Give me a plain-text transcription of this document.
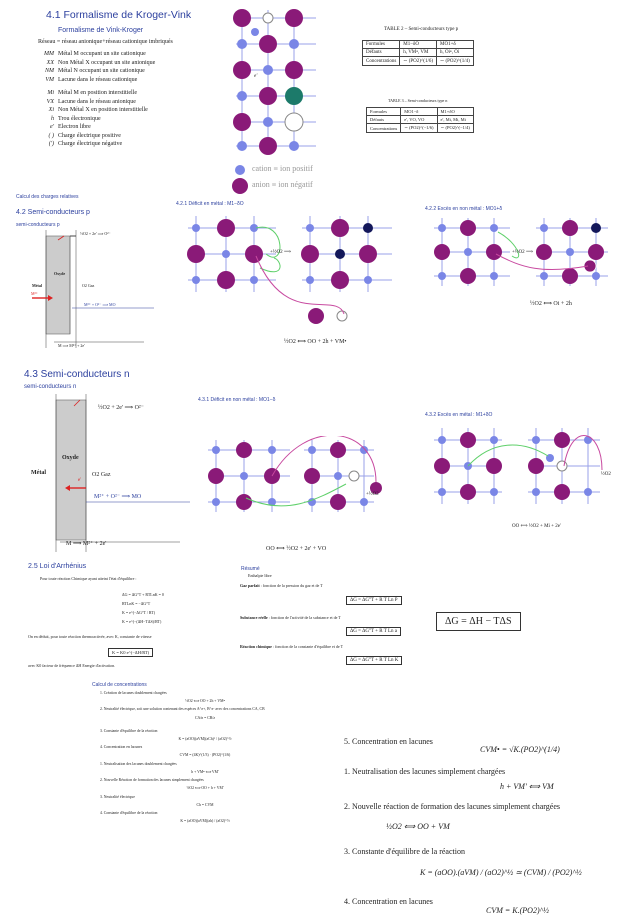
4.1 Formalisme de Kroger-Vink
Formalisme de Vink-Kroger
Réseau = réseau anionique+réseau cationique imbriqués
MM Métal M occupant un site cationique
XX Non Métal X occupant un site anionique
NM Métal N occupant un site cationique
VM Lacune dans le réseau cationique
Mi Métal M en position interstitielle
VX Lacune dans le réseau anionique
Xi Non Métal X en position interstitielle
h Trou électronique
e' Electron libre
( ) Charge électrique positive
(') Charge électrique négative
e'
cation ≡ ion positif
anion ≡ ion négatif
TABLE 2 – Semi-conducteurs type p
Formules	M1−δO	MO1+δ
Défauts	h, VM•, VM	h, Oi•, Oi
Concentrations	∼ (PO2)^(1/6)	∼ (PO2)^(1/4)
TABLE 3 – Semi-conducteurs type n
Formules	MO1−δ	M1+δO
Défauts	e', VO, VO	e', Mi, Mi, Mi
Concentrations	∼ (PO2)^(−1/6)	∼ (PO2)^(−1/4)
Calcul des charges relatives
4.2 Semi-conducteurs p
semi-conducteurs p
½O2 + 2e' ⟹ O²⁻
Oxyde
O2 Gaz
Métal
M²⁺
M²⁺ + O²⁻ ⟹ MO
M ⟹ M²⁺ + 2e'
4.2.1 Déficit en métal : M1−δO
+½O2 ⟹
½O2 ⟺ OO + 2h + VM•
4.2.2 Excès en non métal : MO1+δ
+½O2 ⟹
½O2 ⟺ Oi + 2h
4.3 Semi-conducteurs n
semi-conducteurs n
½O2 + 2e' ⟹ O²⁻
Oxyde
O2 Gaz
Métal
e'
M²⁺ + O²⁻ ⟹ MO
M ⟹ M²⁺ + 2e'
4.3.1 Déficit en non métal : MO1−δ
+½O2
OO ⟺ ½O2 + 2e' + VO
4.3.2 Excès en métal : M1+δO
½O2
OO ⟺ ½O2 + Mi + 2e'
2.5 Loi d'Arrhénius
Pour toute réaction Chimique ayant atteint l'état d'équilibre :
ΔG = ΔG°T + RTLnK = 0
RTLnK = −ΔG°T
K = e^(−ΔG°T / RT)
K = e^(−(ΔH−TΔS)/RT)
On en déduit, pour toute réaction thermoactivée, avec K, constante de vitesse
K = K0 e^(−ΔH/RT)
avec K0 facteur de fréquence ΔH Energie d'activation.
Résumé
Enthalpie libre
Gaz parfait : fonction de la pression du gaz et de T
ΔG = ΔG°T + R T Ln P
Substance réelle : fonction de l'activité de la substance et de T
ΔG = ΔG°T + R T Ln a
Réaction chimique : fonction de la constante d'équilibre et de T
ΔG = ΔG°T + R T Ln K
ΔG = ΔH − TΔS
Calcul de concentrations
1. Création de lacunes doublement chargées
½O2 ⟺ OO + 2h + VM•
2. Neutralité électrique, soit une solution contenant des espèces A^z+, B^z- avec des concentrations CA, CB
CA/n = CB/z
3. Constante d'équilibre de la réaction
K = (aOO)(aVM)(aCh)² / (aO2)^½
4. Concentration en lacunes
CVM = (4K)^(1/3) · (PO2)^(1/6)
1. Neutralisation des lacunes doublement chargées
h + VM• ⟺ VM'
2. Nouvelle Réaction de formation des lacunes simplement chargées
½O2 ⟺ OO + h + VM'
3. Neutralité électrique
Ch = CVM
4. Constante d'équilibre de la réaction
K = (aOO)(aVM)(ah) / (aO2)^½
5. Concentration en lacunes
CVM• = √K.(PO2)^(1/4)
1. Neutralisation des lacunes simplement chargées
h + VM' ⟺ VM
2. Nouvelle réaction de formation des lacunes simplement chargées
½O2 ⟺ OO + VM
3. Constante d'équilibre de la réaction
K = (aOO).(aVM) / (aO2)^½ ≃ (CVM) / (PO2)^½
4. Concentration en lacunes
CVM = K.(PO2)^½
